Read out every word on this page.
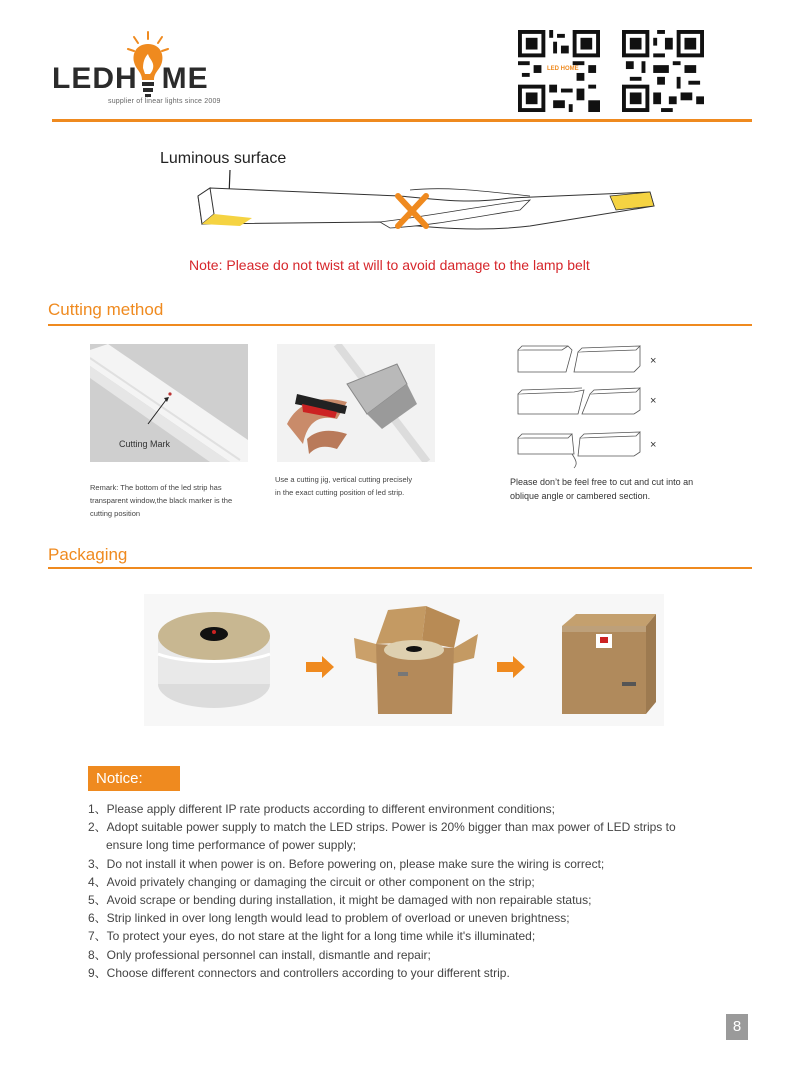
LEDH ME
supplier of linear lights since 2009
LED HOME
Luminous surface
Note: Please do not twist at will to avoid damage to the lamp belt
Cutting method
Cutting Mark
Remark: The bottom of the led strip has
transparent window,the black marker is the
cutting position
Use a cutting jig, vertical cutting precisely
in the exact cutting position of led strip.
×
×
×
Please don’t be feel free to cut and cut into an
oblique angle or cambered section.
Packaging
Notice:
1、Please apply different IP rate products according to different environment conditions;
2、Adopt suitable power supply to match the LED strips. Power is 20% bigger than max power of LED strips to
ensure long time performance of power supply;
3、Do not install it when power is on. Before powering on, please make sure the wiring is correct;
4、Avoid privately changing or damaging the circuit or other component on the strip;
5、Avoid scrape or bending during installation, it might be damaged with non repairable status;
6、Strip linked in over long length would lead to problem of overload or uneven brightness;
7、To protect your eyes, do not stare at the light for a long time while it's illuminated;
8、Only professional personnel can install, dismantle and repair;
9、Choose different connectors and controllers according to your different strip.
8
